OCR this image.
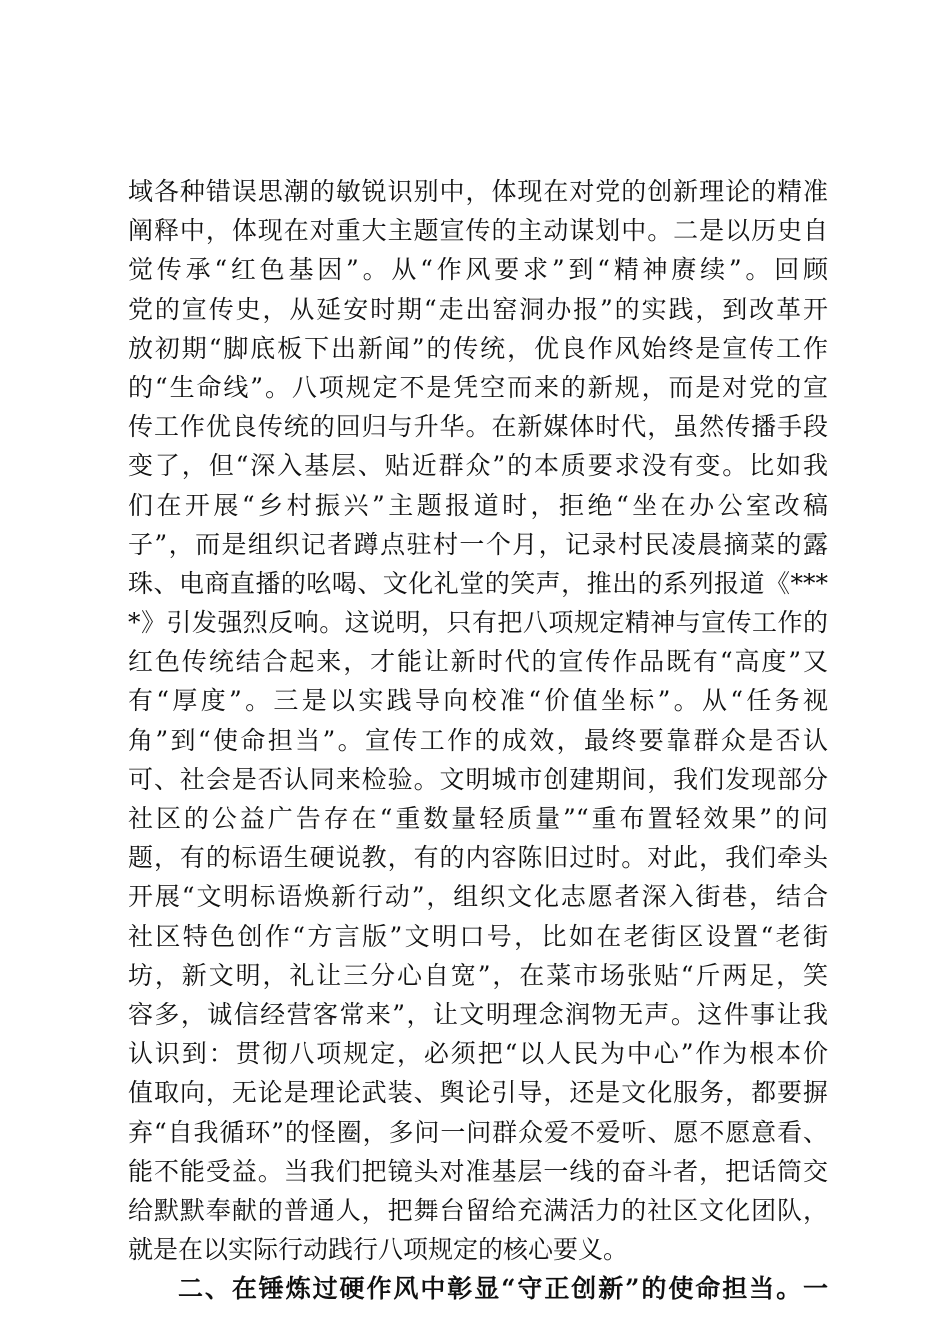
域各种错误思潮的敏锐识别中，体现在对党的创新理论的精准
阐释中，体现在对重大主题宣传的主动谋划中。二是以历史自
觉传承“红色基因”。从“作风要求”到“精神赓续”。回顾
党的宣传史，从延安时期“走出窑洞办报”的实践，到改革开
放初期“脚底板下出新闻”的传统，优良作风始终是宣传工作
的“生命线”。八项规定不是凭空而来的新规，而是对党的宣
传工作优良传统的回归与升华。在新媒体时代，虽然传播手段
变了，但“深入基层、贴近群众”的本质要求没有变。比如我
们在开展“乡村振兴”主题报道时，拒绝“坐在办公室改稿
子”，而是组织记者蹲点驻村一个月，记录村民凌晨摘菜的露
珠、电商直播的吆喝、文化礼堂的笑声，推出的系列报道《***
*》引发强烈反响。这说明，只有把八项规定精神与宣传工作的
红色传统结合起来，才能让新时代的宣传作品既有“高度”又
有“厚度”。三是以实践导向校准“价值坐标”。从“任务视
角”到“使命担当”。宣传工作的成效，最终要靠群众是否认
可、社会是否认同来检验。文明城市创建期间，我们发现部分
社区的公益广告存在“重数量轻质量”“重布置轻效果”的问
题，有的标语生硬说教，有的内容陈旧过时。对此，我们牵头
开展“文明标语焕新行动”，组织文化志愿者深入街巷，结合
社区特色创作“方言版”文明口号，比如在老街区设置“老街
坊，新文明，礼让三分心自宽”，在菜市场张贴“斤两足，笑
容多，诚信经营客常来”，让文明理念润物无声。这件事让我
认识到：贯彻八项规定，必须把“以人民为中心”作为根本价
值取向，无论是理论武装、舆论引导，还是文化服务，都要摒
弃“自我循环”的怪圈，多问一问群众爱不爱听、愿不愿意看、
能不能受益。当我们把镜头对准基层一线的奋斗者，把话筒交
给默默奉献的普通人，把舞台留给充满活力的社区文化团队，
就是在以实际行动践行八项规定的核心要义。
二、在锤炼过硬作风中彰显“守正创新”的使命担当。一
